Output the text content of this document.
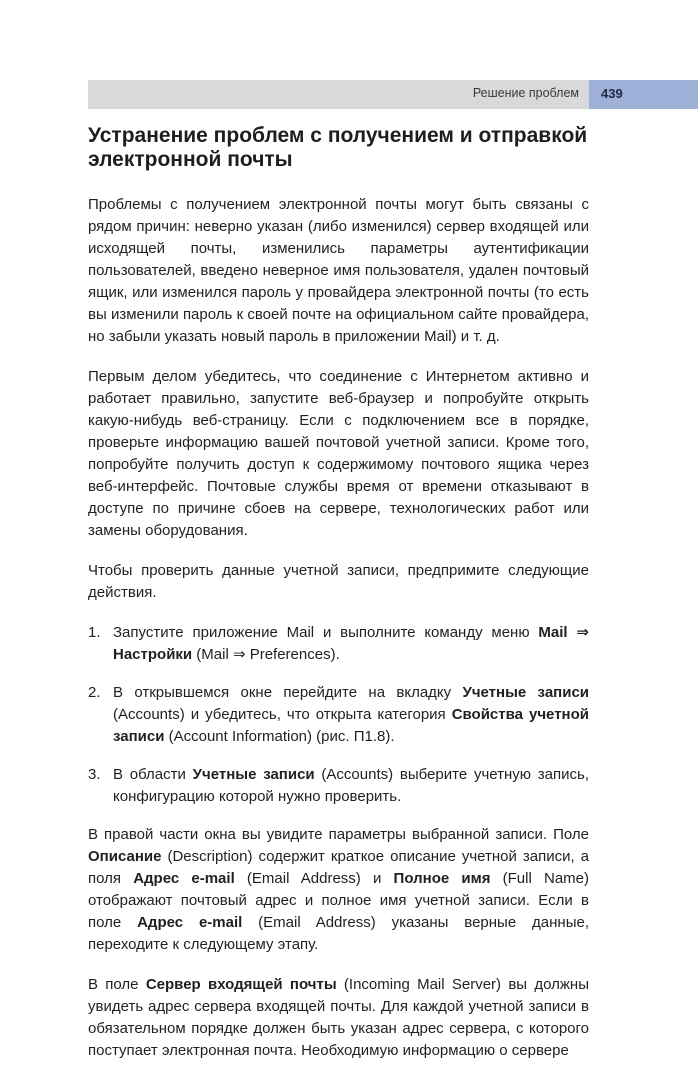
Решение проблем 439
Устранение проблем с получением и отправкой электронной почты

Проблемы с получением электронной почты могут быть связаны с рядом причин: неверно указан (либо изменился) сервер входящей или исходящей почты, изменились параметры аутентификации пользователей, введено неверное имя пользователя, удален почтовый ящик, или изменился пароль у провайдера электронной почты (то есть вы изменили пароль к своей почте на официальном сайте провайдера, но забыли указать новый пароль в приложении Mail) и т. д.

Первым делом убедитесь, что соединение с Интернетом активно и работает правильно, запустите веб-браузер и попробуйте открыть какую-нибудь веб-страницу. Если с подключением все в порядке, проверьте информацию вашей почтовой учетной записи. Кроме того, попробуйте получить доступ к содержимому почтового ящика через веб-интерфейс. Почтовые службы время от времени отказывают в доступе по причине сбоев на сервере, технологических работ или замены оборудования.

Чтобы проверить данные учетной записи, предпримите следующие действия.

1. Запустите приложение Mail и выполните команду меню Mail ⇒ Настройки (Mail ⇒ Preferences).
2. В открывшемся окне перейдите на вкладку Учетные записи (Accounts) и убедитесь, что открыта категория Свойства учетной записи (Account Information) (рис. П1.8).
3. В области Учетные записи (Accounts) выберите учетную запись, конфигурацию которой нужно проверить.

В правой части окна вы увидите параметры выбранной записи. Поле Описание (Description) содержит краткое описание учетной записи, а поля Адрес e-mail (Email Address) и Полное имя (Full Name) отображают почтовый адрес и полное имя учетной записи. Если в поле Адрес e-mail (Email Address) указаны верные данные, переходите к следующему этапу.

В поле Сервер входящей почты (Incoming Mail Server) вы должны увидеть адрес сервера входящей почты. Для каждой учетной записи в обязательном порядке должен быть указан адрес сервера, с которого поступает электронная почта. Необходимую информацию о сервере
